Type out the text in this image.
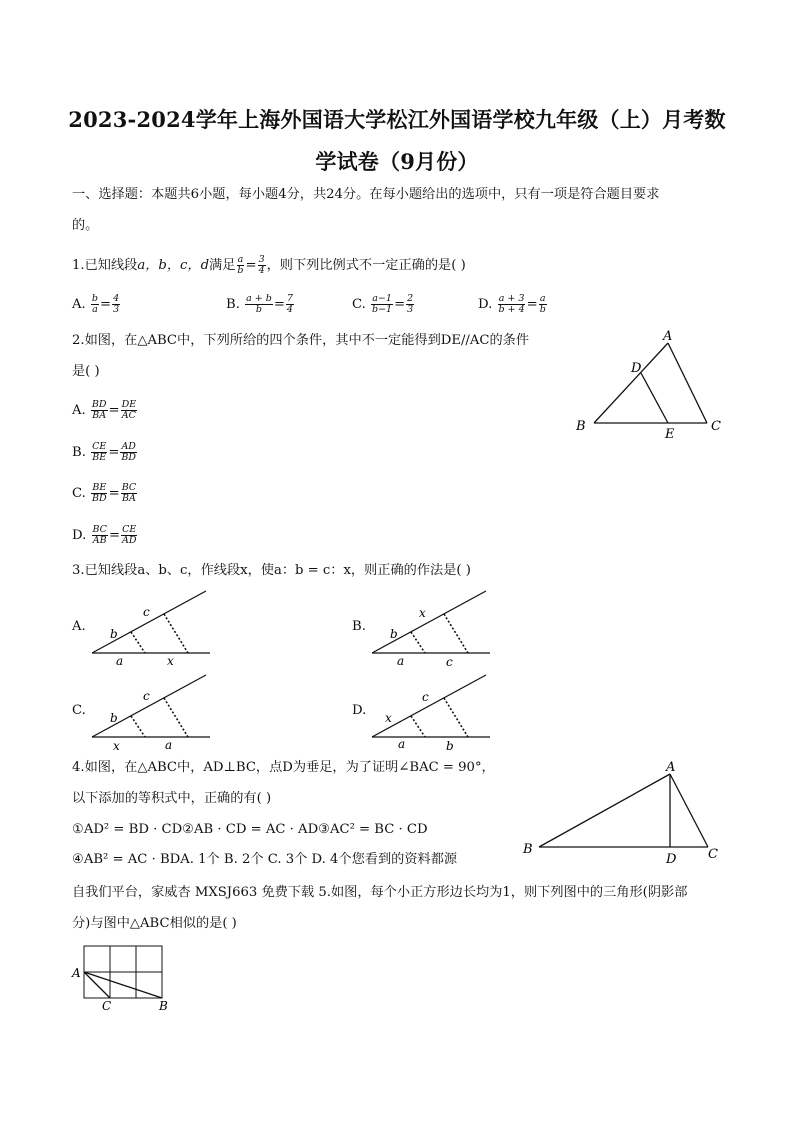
2023-2024学年上海外国语大学松江外国语学校九年级（上）月考数
学试卷（9月份）
一、选择题：本题共6小题，每小题4分，共24分。在每小题给出的选项中，只有一项是符合题目要求
的。
1.已知线段a，b，c，d满足 $\frac{a}{b} = \frac{3}{4}$ ，则下列比例式不一定正确的是( )
A. $\frac{b}{a} = \frac{4}{3}$	B. $\frac{a + b}{b} = \frac{7}{4}$	C. $\frac{a-1}{b-1} = \frac{2}{3}$	D. $\frac{a + 3}{b + 4} = \frac{a}{b}$
2.如图，在△ABC中，下列所给的四个条件，其中不一定能得到DE//AC的条件
是( )
A. $\frac{BD}{BA} = \frac{DE}{AC}$
B. $\frac{CE}{BE} = \frac{AD}{BD}$
C. $\frac{BE}{BD} = \frac{BC}{BA}$
D. $\frac{BC}{AB} = \frac{CE}{AD}$
A
D
B
E
C
3.已知线段a、b、c，作线段x，使a：b = c：x，则正确的作法是( )
A. b
c
a	x
B. b
x
a	c
C. b
c
x	a
D. x
c
a	b
4.如图，在△ABC中，AD⊥BC，点D为垂足，为了证明∠BAC = 90°，
以下添加的等积式中，正确的有( )
①AD² = BD · CD②AB · CD = AC · AD③AC² = BC · CD
④AB² = AC · BDA. 1个 B. 2个 C. 3个 D. 4个您看到的资料都源
A
B
D C
自我们平台，家威杏 MXSJ663 免费下载 5.如图，每个小正方形边长均为1，则下列图中的三角形(阴影部
分)与图中△ABC相似的是( )
A
C	B
